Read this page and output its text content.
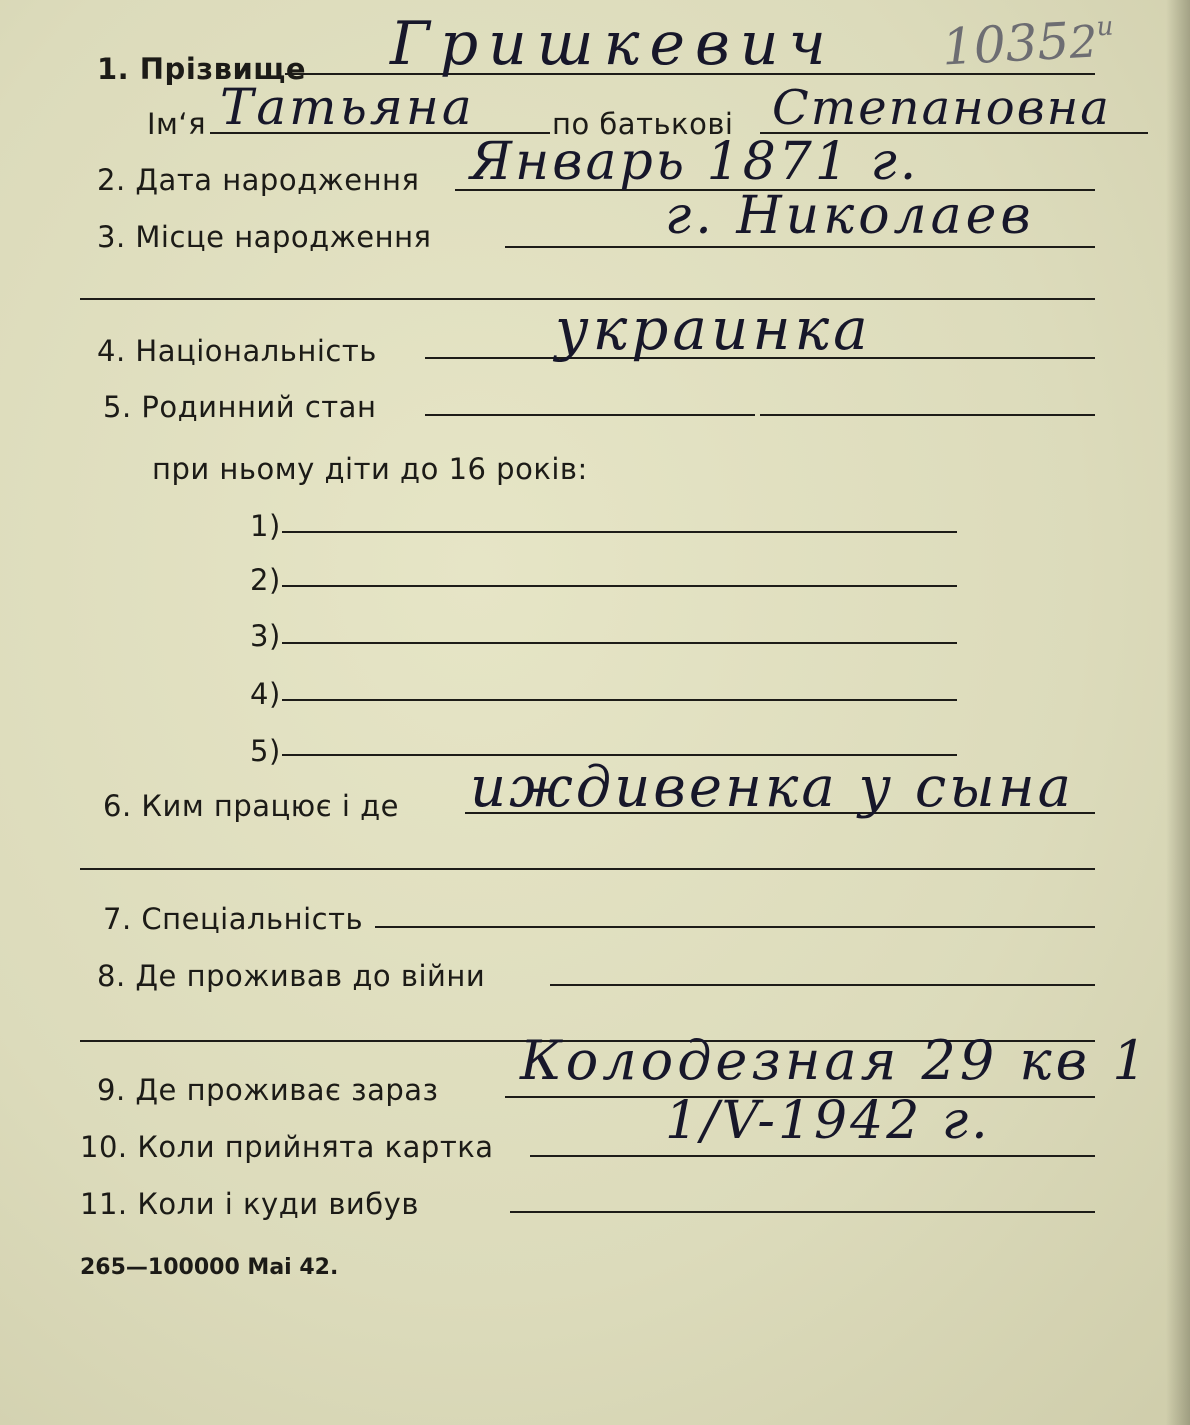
$10352^и$
1. Прізвище Гришкевич
Ім‘я Татьяна	по батькові Степановна
2. Дата народження Январь 1871 г.
3. Місце народження	г. Николаев
4. Національність	украинка
5. Родинний стан
при ньому діти до 16 років:
1)
2)
3)
4)
5)
6. Ким працює і де иждивенка у сына
7. Спеціальність
8. Де проживав до війни
9. Де проживає зараз Колодезная 29 кв 1
10. Коли прийнята картка	1/V-1942 г.
11. Коли і куди вибув
265—100000 Mai 42.
